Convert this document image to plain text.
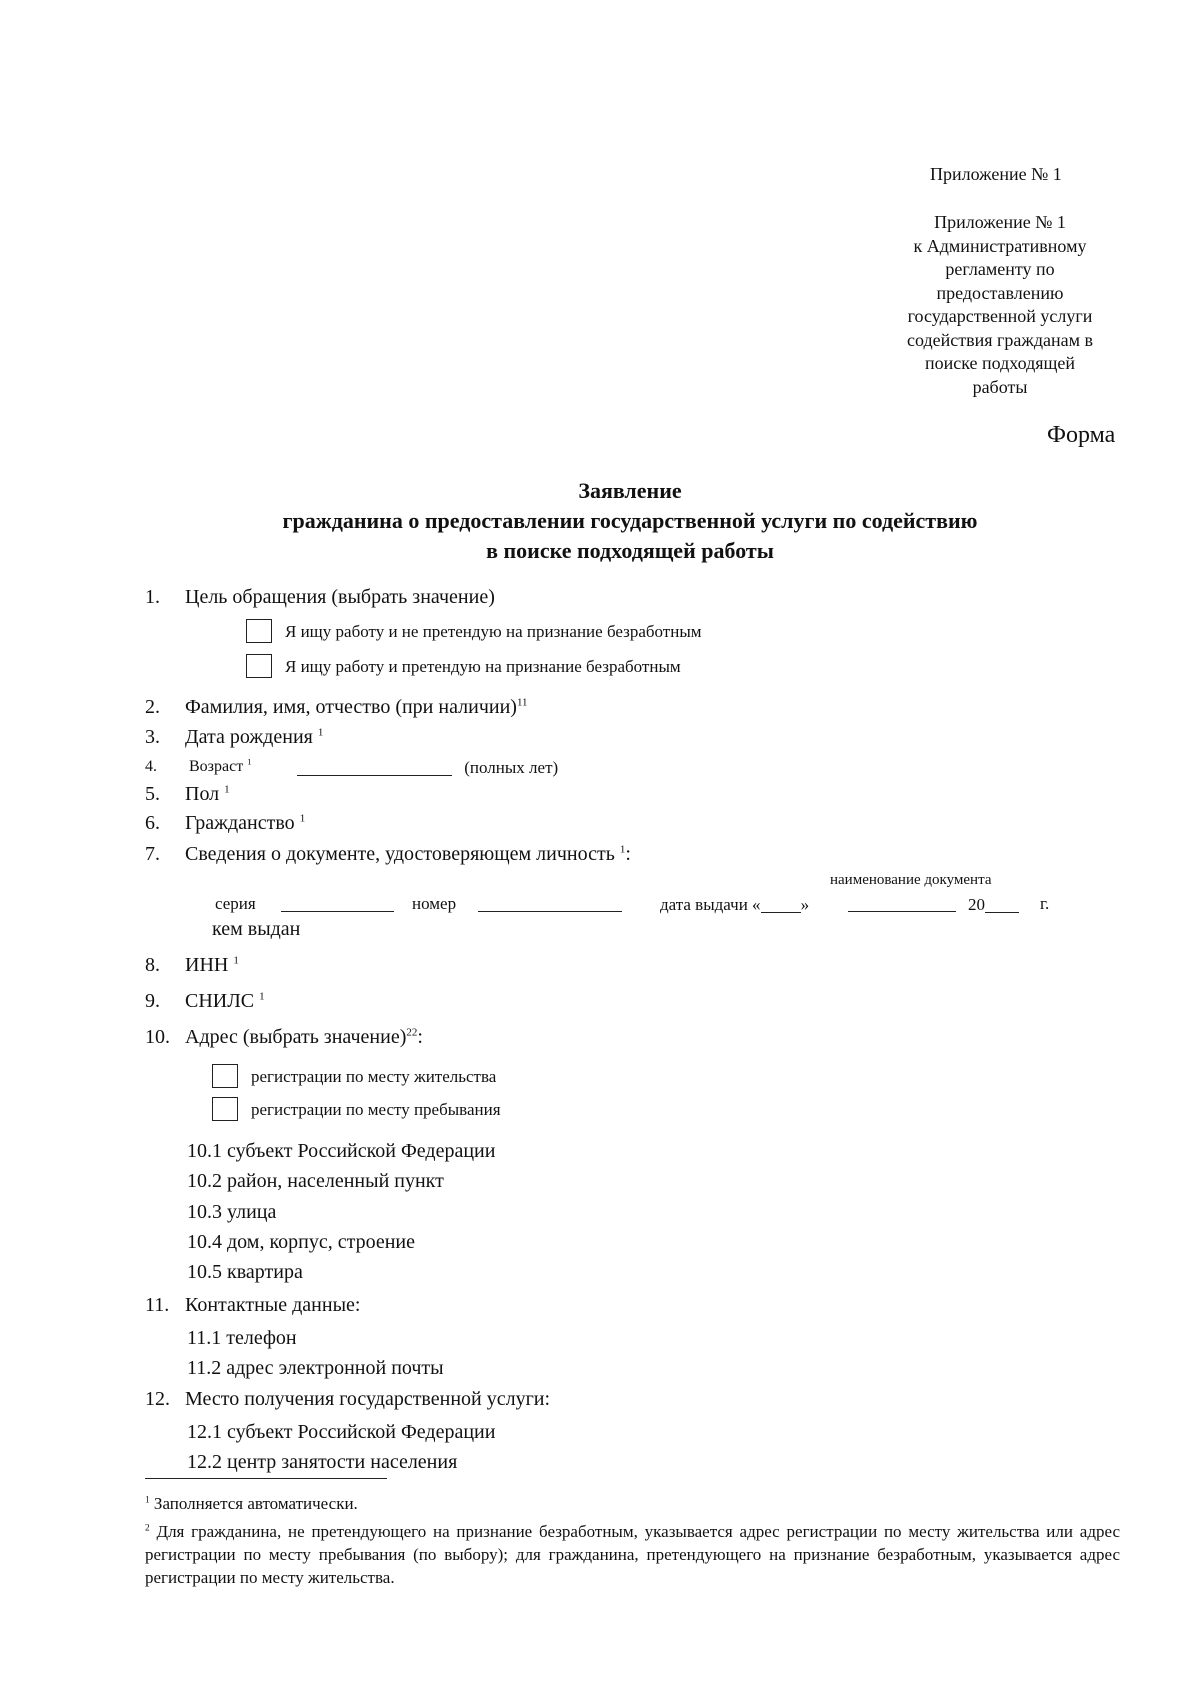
Приложение № 1
Приложение № 1
к Административному
регламенту по
предоставлению
государственной услуги
содействия гражданам в
поиске подходящей
работы
Форма
Заявление
гражданина о предоставлении государственной услуги по содействию
в поиске подходящей работы
1. Цель обращения (выбрать значение)
Я ищу работу и не претендую на признание безработным
Я ищу работу и претендую на признание безработным
2. Фамилия, имя, отчество (при наличии)$^{11}$
3. Дата рождения $^1$
4. Возраст $^1$	(полных лет)
5. Пол $^1$
6. Гражданство $^1$
7. Сведения о документе, удостоверяющем личность $^1$:
наименование документа
серия	номер	дата выдачи « »	20	г.
кем выдан
8. ИНН $^1$
9. СНИЛС $^1$
10. Адрес (выбрать значение)$^{22}$:
регистрации по месту жительства
регистрации по месту пребывания
10.1 субъект Российской Федерации
10.2 район, населенный пункт
10.3 улица
10.4 дом, корпус, строение
10.5 квартира
11. Контактные данные:
11.1 телефон
11.2 адрес электронной почты
12. Место получения государственной услуги:
12.1 субъект Российской Федерации
12.2 центр занятости населения
$^1$ Заполняется автоматически.
$^2$ Для гражданина, не претендующего на признание безработным, указывается адрес регистрации по месту жительства или адрес регистрации по месту пребывания (по выбору); для гражданина, претендующего на признание безработным, указывается адрес регистрации по месту жительства.
